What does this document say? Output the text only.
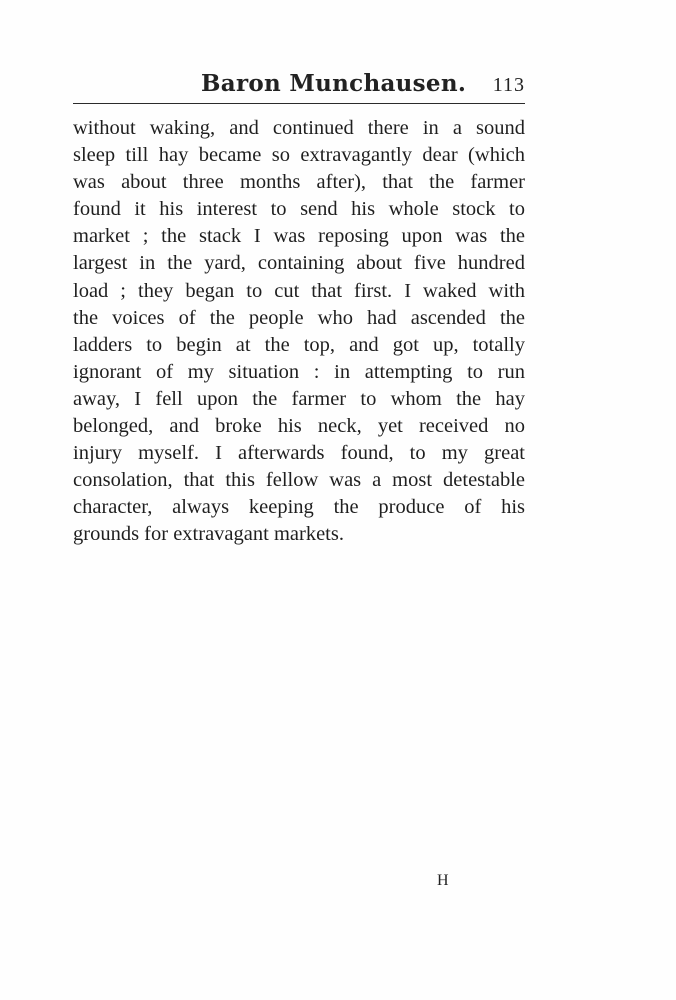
Baron Munchausen. 113
without waking, and continued there in a sound
sleep till hay became so extravagantly dear (which
was about three months after), that the farmer
found it his interest to send his whole stock to
market ; the stack I was reposing upon was the
largest in the yard, containing about five hundred
load ; they began to cut that first. I waked with
the voices of the people who had ascended the
ladders to begin at the top, and got up, totally
ignorant of my situation : in attempting to run
away, I fell upon the farmer to whom the hay
belonged, and broke his neck, yet received no
injury myself. I afterwards found, to my great
consolation, that this fellow was a most detestable
character, always keeping the produce of his
grounds for extravagant markets.
H
